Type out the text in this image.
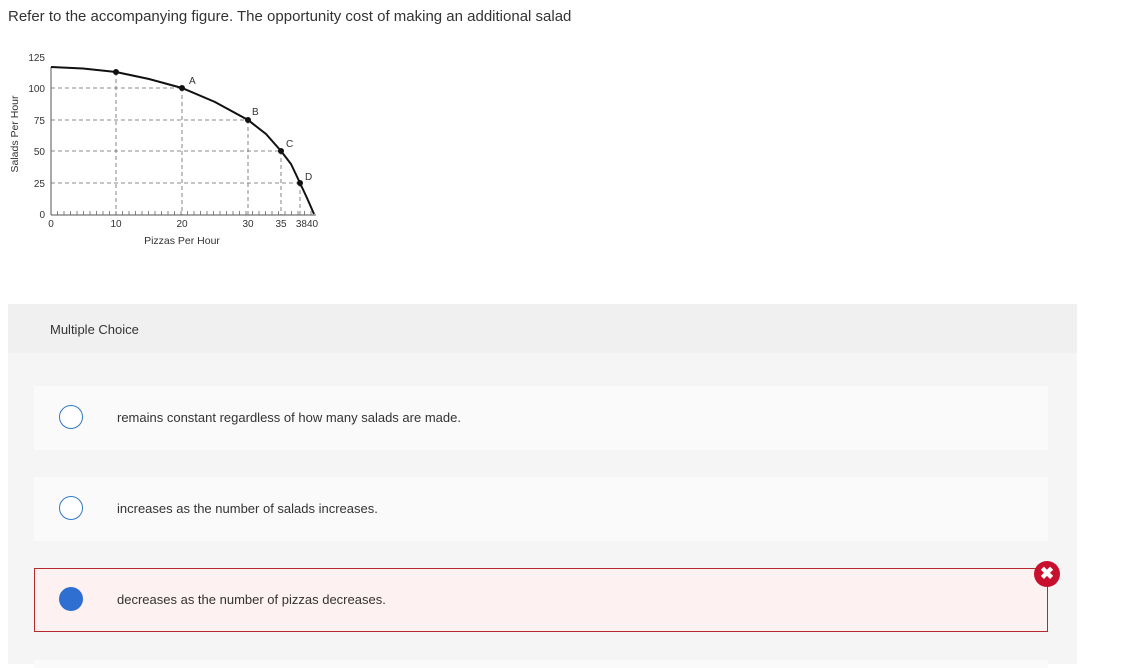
Refer to the accompanying figure. The opportunity cost of making an additional salad
A
B
C
D
125
100
75
50
25
0
0	10	20	30 35 3840
Pizzas Per Hour
Salads Per Hour
Multiple Choice
remains constant regardless of how many salads are made.
increases as the number of salads increases.
decreases as the number of pizzas decreases.
✖
